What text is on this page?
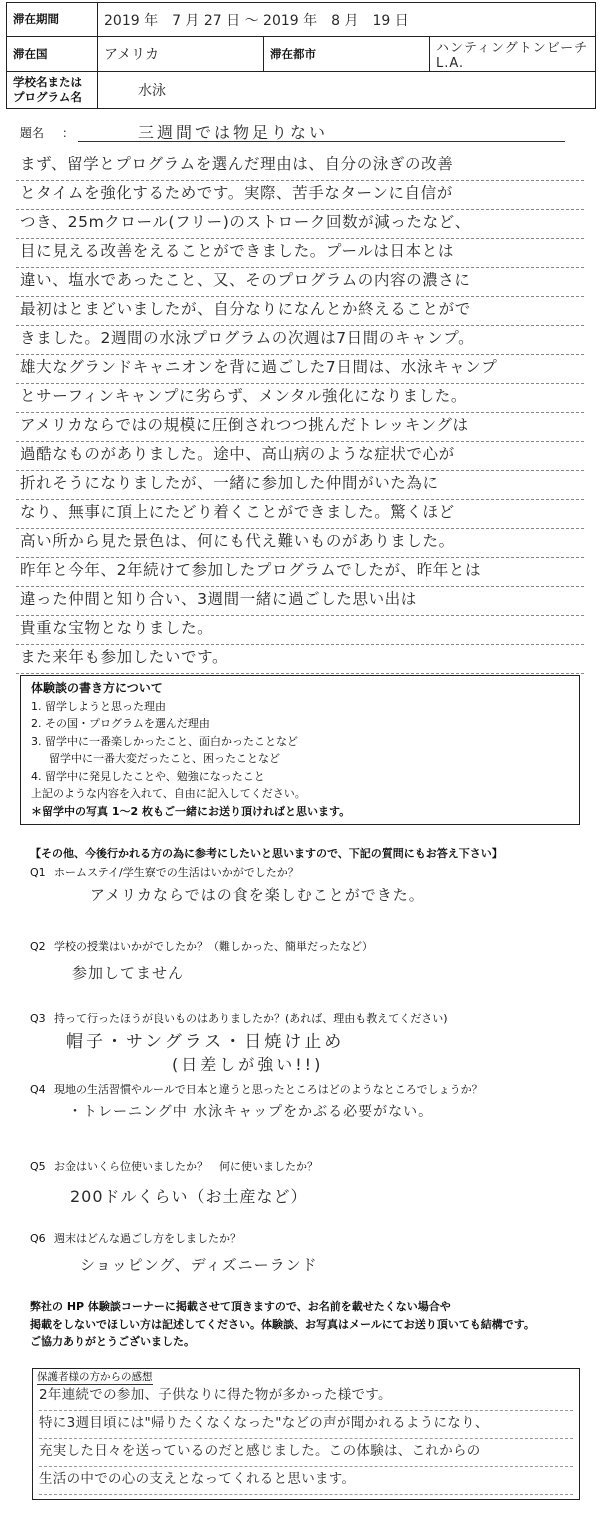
滞在期間	2019 年　7 月 27 日 ～ 2019 年　8 月　19 日		
滞在国	アメリカ	滞在都市	ハンティングトンビーチ L.A.

学校名または
プログラム名	水泳		
題名 ：	三週間では物足りない
まず、留学とプログラムを選んだ理由は、自分の泳ぎの改善
とタイムを強化するためです。実際、苦手なターンに自信が
つき、25mクロール(フリー)のストローク回数が減ったなど、
目に見える改善をえることができました。プールは日本とは
違い、塩水であったこと、又、そのプログラムの内容の濃さに
最初はとまどいましたが、自分なりになんとか終えることがで
きました。2週間の水泳プログラムの次週は7日間のキャンプ。
雄大なグランドキャニオンを背に過ごした7日間は、水泳キャンプ
とサーフィンキャンプに劣らず、メンタル強化になりました。
アメリカならではの規模に圧倒されつつ挑んだトレッキングは
過酷なものがありました。途中、高山病のような症状で心が
折れそうになりましたが、一緒に参加した仲間がいた為に
なり、無事に頂上にたどり着くことができました。驚くほど
高い所から見た景色は、何にも代え難いものがありました。
昨年と今年、2年続けて参加したプログラムでしたが、昨年とは
違った仲間と知り合い、3週間一緒に過ごした思い出は
貴重な宝物となりました。
また来年も参加したいです。
体験談の書き方について
1. 留学しようと思った理由
2. その国・プログラムを選んだ理由
3. 留学中に一番楽しかったこと、面白かったことなど
留学中に一番大変だったこと、困ったことなど
4. 留学中に発見したことや、勉強になったこと
上記のような内容を入れて、自由に記入してください。
＊留学中の写真 1～2 枚もご一緒にお送り頂ければと思います。
【その他、今後行かれる方の為に参考にしたいと思いますので、下記の質問にもお答え下さい】
Q1 ホームステイ/学生寮での生活はいかがでしたか？
アメリカならではの食を楽しむことができた。
Q2 学校の授業はいかがでしたか？（難しかった、簡単だったなど）
参加してません
Q3 持って行ったほうが良いものはありましたか？(あれば、理由も教えてください)
帽子・サングラス・日焼け止め
(日差しが強い!!)
Q4 現地の生活習慣やルールで日本と違うと思ったところはどのようなところでしょうか？
・トレーニング中 水泳キャップをかぶる必要がない。
Q5 お金はいくら位使いましたか？　何に使いましたか？
200ドルくらい（お土産など）
Q6 週末はどんな過ごし方をしましたか？
ショッピング、ディズニーランド
弊社の HP 体験談コーナーに掲載させて頂きますので、お名前を載せたくない場合や
掲載をしないでほしい方は記述してください。体験談、お写真はメールにてお送り頂いても結構です。
ご協力ありがとうございました。
保護者様の方からの感想
2年連続での参加、子供なりに得た物が多かった様です。
特に3週目頃には"帰りたくなくなった"などの声が聞かれるようになり、
充実した日々を送っているのだと感じました。この体験は、これからの
生活の中での心の支えとなってくれると思います。
